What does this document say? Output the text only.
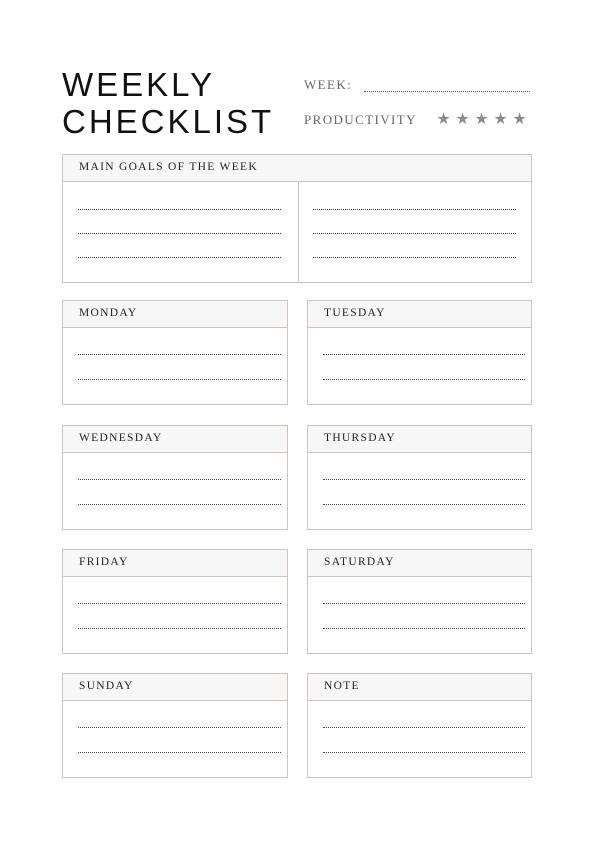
WEEKLY
CHECKLIST
WEEK:
PRODUCTIVITY ★ ★ ★ ★ ★
MAIN GOALS OF THE WEEK
MONDAY	TUESDAY
WEDNESDAY	THURSDAY
FRIDAY	SATURDAY
SUNDAY	NOTE
